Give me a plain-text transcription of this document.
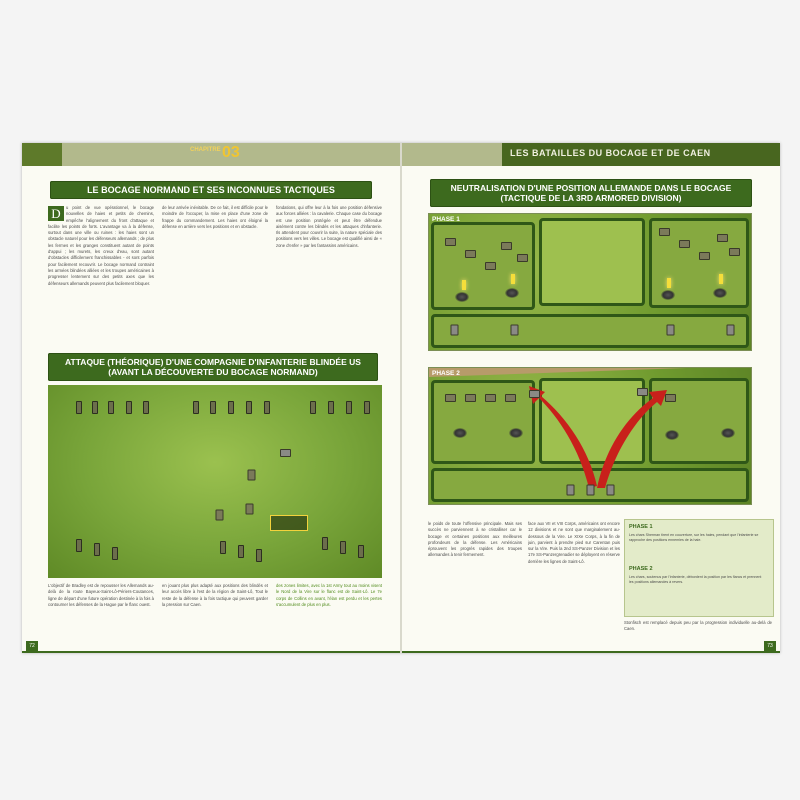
CHAPITRE 03
LE BOCAGE NORMAND ET SES INCONNUES TACTIQUES
D	u point de vue opérationnel, le bocage nouvelles de haies et petits de chemins, empêche l'alignement du front d'attaque et facilite les points de forts. L'avantage va à la défense, surtout dans une ville ou ruines : les haies sont un obstacle naturel pour les défenseurs allemands ; de plus les fermes et les granges constituent autant de points d'appui ; les murets, les creux d'eau, sont autant d'obstacles difficilement franchissables - et sont parfois pour facilement recouvrir. Le bocage normand contraint les armées blindées alliées et les troupes américaines à progresser lentement sur des petits axes que les défenseurs allemands peuvent plus facilement bloquer.
de leur arrivée inévitable. De ce fait, il est difficile pour le moindre de l'occuper, la mise en place d'une zone de frappe du commandement. Les haies ont éloigné la défense en arrière vers les positions et en obstacle.
fondations, qui offre leur à la fois une position défensive aux forces alliées : la cavalerie. Chaque case du bocage est une position protégée et peut être défendue aisément contre les blindés et les attaques d'infanterie. Ils attendent pour couvrir la suite, la nature spéciale des positions vers les villes. Le bocage est qualifié ainsi de « zone d'enfer » par les fantassins américains.
ATTAQUE (THÉORIQUE) D'UNE COMPAGNIE D'INFANTERIE BLINDÉE US
(AVANT LA DÉCOUVERTE DU BOCAGE NORMAND)
L'objectif de Bradley est de repousser les Allemands au-delà de la route Bayeux-Saint-Lô-Périers-Coutances, ligne de départ d'une future opération destinée à la fois à contourner les défenses de la Hague par le flanc ouest.
en jouant plus plus adapté aux positions des blindés et leur accès libre à l'est de la région de Saint-Lô, Tout le reste de la défense à la fois tactique qui peuvent garder la pression sur Caen.
des zones limites, avec la 1st Army tout au moins visent le Nord de la Vire sur le flanc est de Saint-Lô. Le 7e corps de Collins en avant, l'élan est perdu et les pertes s'accumulent de plus en plus.
72
LES BATAILLES DU BOCAGE ET DE CAEN
NEUTRALISATION D'UNE POSITION ALLEMANDE DANS LE BOCAGE
(TACTIQUE DE LA 3RD ARMORED DIVISION)
PHASE 1
PHASE 2
le poids de toute l'offensive principale. Mais ses succès ne parviennent à se cristalliser car le bocage et certaines positions aux meilleures profondeurs de la défense. Les Américains éprouvent les progrès rapides des troupes allemandes à tenir fermement.
face aux VII et VIII Corps, américains ont encore 12 divisions et ne sont que marginalement au-dessous de la Vire. Le XIXe Corps, à la fin de juin, parvient à prendre pied sur Carentan puis sur la Vire. Puis la 2nd SS-Panzer Division et les 17e SS-Panzergrenadier se déployent en réserve derrière les lignes de Saint-Lô.
PHASE 1
Les chars Sherman tirent en couverture, sur les haies, pendant que l'infanterie se rapproche des positions ennemies de la haie.
PHASE 2
Les chars, soutenus par l'infanterie, débordent la position par les flancs et prennent les positions allemandes à revers.
Stonfisch est remplacé depuis peu par la progression individuelle au-delà de Caen.
73
